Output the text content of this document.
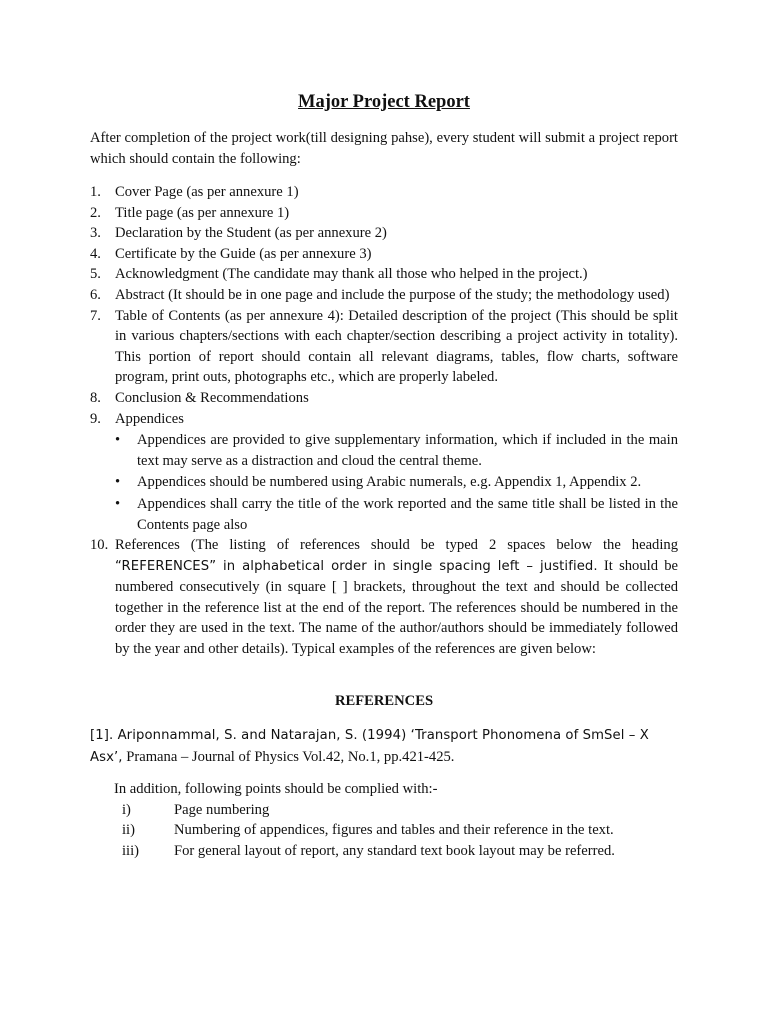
Major Project Report
After completion of the project work(till designing pahse), every student will submit a project report which should contain the following:
1. Cover Page (as per annexure 1)
2. Title page (as per annexure 1)
3. Declaration by the Student (as per annexure 2)
4. Certificate by the Guide (as per annexure 3)
5. Acknowledgment (The candidate may thank all those who helped in the project.)
6. Abstract (It should be in one page and include the purpose of the study; the methodology used)
7. Table of Contents (as per annexure 4): Detailed description of the project (This should be split in various chapters/sections with each chapter/section describing a project activity in totality). This portion of report should contain all relevant diagrams, tables, flow charts, software program, print outs, photographs etc., which are properly labeled.
8. Conclusion & Recommendations
9. Appendices
•	Appendices are provided to give supplementary information, which if included in the main text may serve as a distraction and cloud the central theme.
•	Appendices should be numbered using Arabic numerals, e.g. Appendix 1, Appendix 2.
•	Appendices shall carry the title of the work reported and the same title shall be listed in the Contents page also
10. References (The listing of references should be typed 2 spaces below the heading “REFERENCES” in alphabetical order in single spacing left – justified. It should be numbered consecutively (in square [ ] brackets, throughout the text and should be collected together in the reference list at the end of the report. The references should be numbered in the order they are used in the text. The name of the author/authors should be immediately followed by the year and other details). Typical examples of the references are given below:
REFERENCES
[1]. Ariponnammal, S. and Natarajan, S. (1994) ‘Transport Phonomena of SmSel – X Asx’, Pramana – Journal of Physics Vol.42, No.1, pp.421-425.
In addition, following points should be complied with:-
i)	Page numbering
ii)	Numbering of appendices, figures and tables and their reference in the text.
iii)	For general layout of report, any standard text book layout may be referred.
